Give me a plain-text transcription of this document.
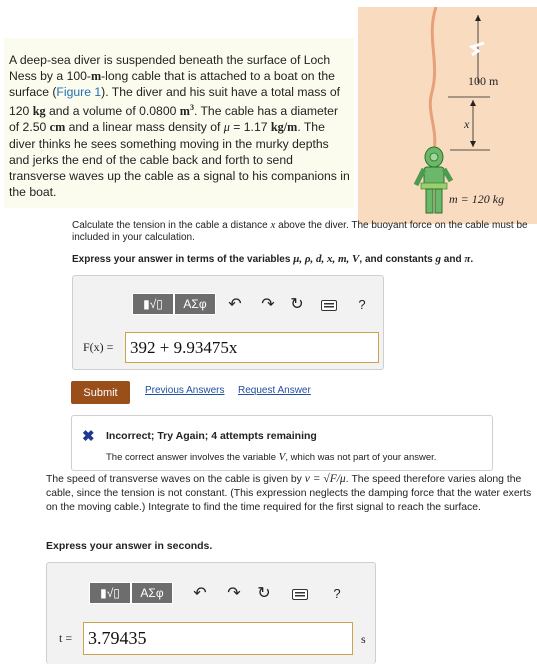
A deep-sea diver is suspended beneath the surface of Loch Ness by a 100-m-long cable that is attached to a boat on the surface (Figure 1). The diver and his suit have a total mass of 120 kg and a volume of 0.0800 $m^3$. The cable has a diameter of 2.50 cm and a linear mass density of μ = 1.17 kg/m. The diver thinks he sees something moving in the murky depths and jerks the end of the cable back and forth to send transverse waves up the cable as a signal to his companions in the boat.
100 m
x
m = 120 kg
Calculate the tension in the cable a distance x above the diver. The buoyant force on the cable must be included in your calculation.
Express your answer in terms of the variables μ, ρ, d, x, m, V, and constants g and π.
▮√▯	ΑΣφ	↶ ↷ ↻	?
F(x) = 392 + 9.93475x
Submit	Previous Answers Request Answer
✖ Incorrect; Try Again; 4 attempts remaining
The correct answer involves the variable V, which was not part of your answer.
The speed of transverse waves on the cable is given by v = √F/μ. The speed therefore varies along the cable, since the tension is not constant. (This expression neglects the damping force that the water exerts on the moving cable.) Integrate to find the time required for the first signal to reach the surface.
Express your answer in seconds.
▮√▯	ΑΣφ	↶ ↷ ↻	?
t = 3.79435	s
